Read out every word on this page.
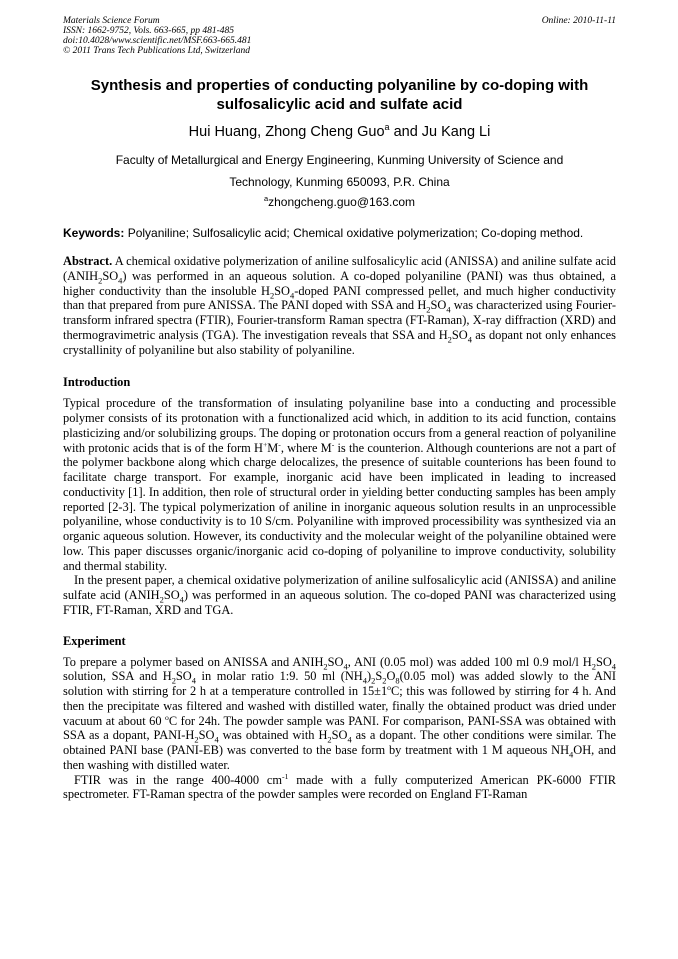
Materials Science Forum
ISSN: 1662-9752, Vols. 663-665, pp 481-485
doi:10.4028/www.scientific.net/MSF.663-665.481
© 2011 Trans Tech Publications Ltd, Switzerland
Online: 2010-11-11
Synthesis and properties of conducting polyaniline by co-doping with
sulfosalicylic acid and sulfate acid
Hui Huang, Zhong Cheng Guo$^a$ and Ju Kang Li
Faculty of Metallurgical and Energy Engineering, Kunming University of Science and
Technology, Kunming 650093, P.R. China
$^a$zhongcheng.guo@163.com
Keywords: Polyaniline; Sulfosalicylic acid; Chemical oxidative polymerization; Co-doping method.
Abstract. A chemical oxidative polymerization of aniline sulfosalicylic acid (ANISSA) and aniline sulfate acid $(ANIH_2SO_4)$ was performed in an aqueous solution. A co-doped polyaniline (PANI) was thus obtained, a higher conductivity than the insoluble $H_2SO_4$-doped PANI compressed pellet, and much higher conductivity than that prepared from pure ANISSA. The PANI doped with SSA and $H_2SO_4$ was characterized using Fourier-transform infrared spectra (FTIR), Fourier-transform Raman spectra (FT-Raman), X-ray diffraction (XRD) and thermogravimetric analysis (TGA). The investigation reveals that SSA and $H_2SO_4$ as dopant not only enhances crystallinity of polyaniline but also stability of polyaniline.
Introduction

Typical procedure of the transformation of insulating polyaniline base into a conducting and processible polymer consists of its protonation with a functionalized acid which, in addition to its acid function, contains plasticizing and/or solubilizing groups. The doping or protonation occurs from a general reaction of polyaniline with protonic acids that is of the form H+M-, where M- is the counterion. Although counterions are not a part of the polymer backbone along which charge delocalizes, the presence of suitable counterions has been found to facilitate charge transport. For example, inorganic acid have been implicated in leading to increased conductivity [1]. In addition, then role of structural order in yielding better conducting samples has been amply reported [2-3]. The typical polymerization of aniline in inorganic aqueous solution results in an unprocessible polyaniline, whose conductivity is to 10 S/cm. Polyaniline with improved processibility was synthesized via an organic aqueous solution. However, its conductivity and the molecular weight of the polyaniline obtained were low. This paper discusses organic/inorganic acid co-doping of polyaniline to improve conductivity, solubility and thermal stability.

In the present paper, a chemical oxidative polymerization of aniline sulfosalicylic acid (ANISSA) and aniline sulfate acid $(ANIH_2SO_4)$ was performed in an aqueous solution. The co-doped PANI was characterized using FTIR, FT-Raman, XRD and TGA.

Experiment

To prepare a polymer based on ANISSA and $ANIH_2SO_4$, ANI (0.05 mol) was added 100 ml 0.9 mol/l $H_2SO_4$ solution, SSA and $H_2SO_4$ in molar ratio 1:9. 50 ml $(NH_4)_2S_2O_8(0.05$ mol) was added slowly to the ANI solution with stirring for 2 h at a temperature controlled in $15\pm 1^oC$; this was followed by stirring for 4 h. And then the precipitate was filtered and washed with distilled water, finally the obtained product was dried under vacuum at about 60 $^o$C for 24h. The powder sample was PANI. For comparison, PANI-SSA was obtained with SSA as a dopant, PANI-$H_2SO_4$ was obtained with $H_2SO_4$ as a dopant. The other conditions were similar. The obtained PANI base (PANI-EB) was converted to the base form by treatment with 1 M aqueous $NH_4OH$, and then washing with distilled water.

FTIR was in the range 400-4000 $cm^{-1}$ made with a fully computerized American PK-6000 FTIR spectrometer. FT-Raman spectra of the powder samples were recorded on England FT-Raman
